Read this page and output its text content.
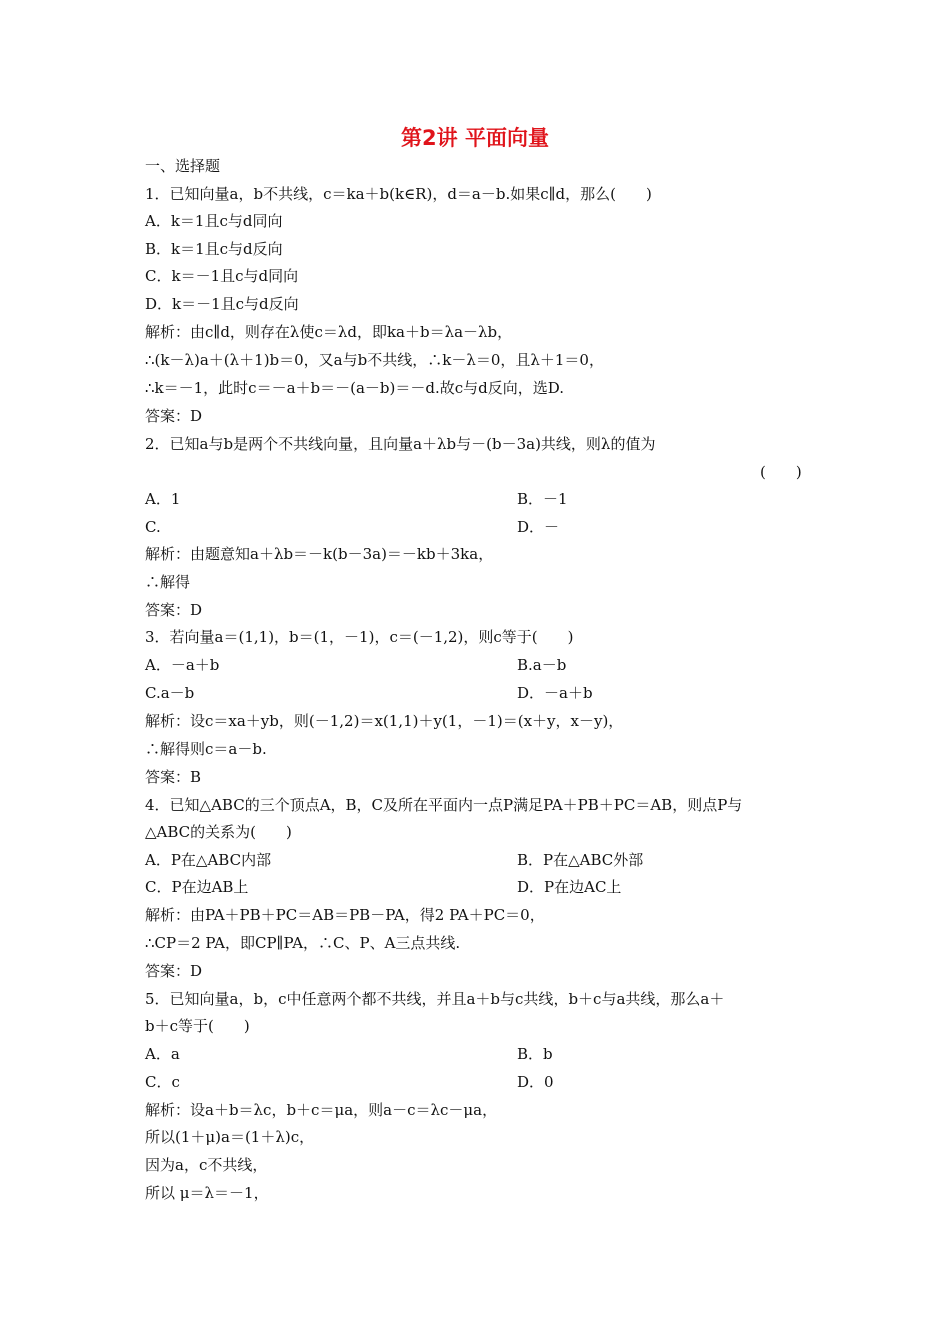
第2讲 平面向量
一、选择题
1．已知向量a，b不共线，c＝ka＋b(k∈R)，d＝a－b.如果c∥d，那么(　　)
A．k＝1且c与d同向
B．k＝1且c与d反向
C．k＝－1且c与d同向
D．k＝－1且c与d反向
解析：由c∥d，则存在λ使c＝λd，即ka＋b＝λa－λb，
∴(k－λ)a＋(λ＋1)b＝0，又a与b不共线，∴k－λ＝0，且λ＋1＝0，
∴k＝－1，此时c＝－a＋b＝－(a－b)＝－d.故c与d反向，选D.
答案：D
2．已知a与b是两个不共线向量，且向量a＋λb与－(b－3a)共线，则λ的值为
(　　)
A．1	B．－1
C.	D．－
解析：由题意知a＋λb＝－k(b－3a)＝－kb＋3ka，
∴解得
答案：D
3．若向量a＝(1,1)，b＝(1，－1)，c＝(－1,2)，则c等于(　　)
A．－a＋b	B.a－b
C.a－b	D．－a＋b
解析：设c＝xa＋yb，则(－1,2)＝x(1,1)＋y(1，－1)＝(x＋y，x－y)，
∴解得则c＝a－b.
答案：B
4．已知△ABC的三个顶点A，B，C及所在平面内一点P满足PA＋PB＋PC＝AB，则点P与
△ABC的关系为(　　)
A．P在△ABC内部	B．P在△ABC外部
C．P在边AB上	D．P在边AC上
解析：由PA＋PB＋PC＝AB＝PB－PA，得2 PA＋PC＝0，
∴CP＝2 PA，即CP∥PA，∴C、P、A三点共线.
答案：D
5．已知向量a，b，c中任意两个都不共线，并且a＋b与c共线，b＋c与a共线，那么a＋
b＋c等于(　　)
A．a	B．b
C．c	D．0
解析：设a＋b＝λc，b＋c＝μa，则a－c＝λc－μa，
所以(1＋μ)a＝(1＋λ)c，
因为a，c不共线，
所以 μ＝λ＝－1，
